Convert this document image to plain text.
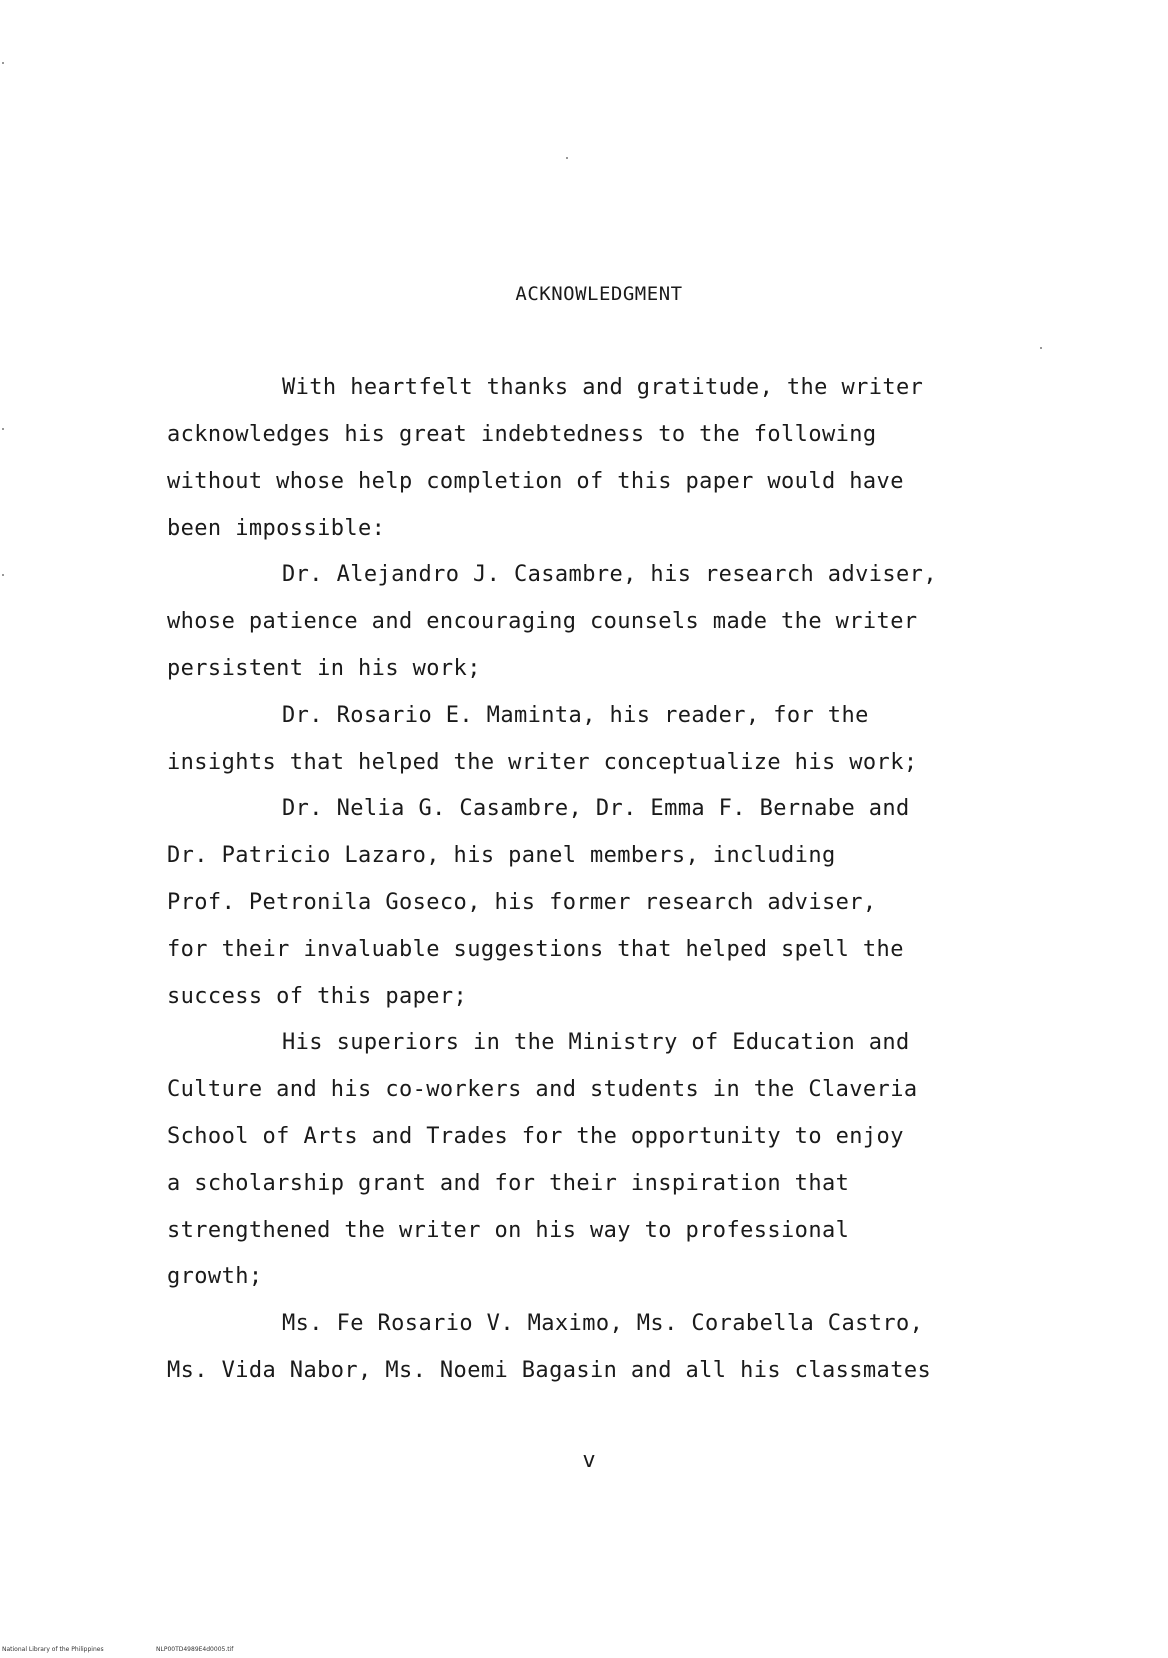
ACKNOWLEDGMENT
With heartfelt thanks and gratitude, the writer
acknowledges his great indebtedness to the following
without whose help completion of this paper would have
been impossible:
Dr. Alejandro J. Casambre, his research adviser,
whose patience and encouraging counsels made the writer
persistent in his work;
Dr. Rosario E. Maminta, his reader, for the
insights that helped the writer conceptualize his work;
Dr. Nelia G. Casambre, Dr. Emma F. Bernabe and
Dr. Patricio Lazaro, his panel members, including
Prof. Petronila Goseco, his former research adviser,
for their invaluable suggestions that helped spell the
success of this paper;
His superiors in the Ministry of Education and
Culture and his co-workers and students in the Claveria
School of Arts and Trades for the opportunity to enjoy
a scholarship grant and for their inspiration that
strengthened the writer on his way to professional
growth;
Ms. Fe Rosario V. Maximo, Ms. Corabella Castro,
Ms. Vida Nabor, Ms. Noemi Bagasin and all his classmates
v
National Library of the Philippines	NLP00TD4989E4d0005.tif
